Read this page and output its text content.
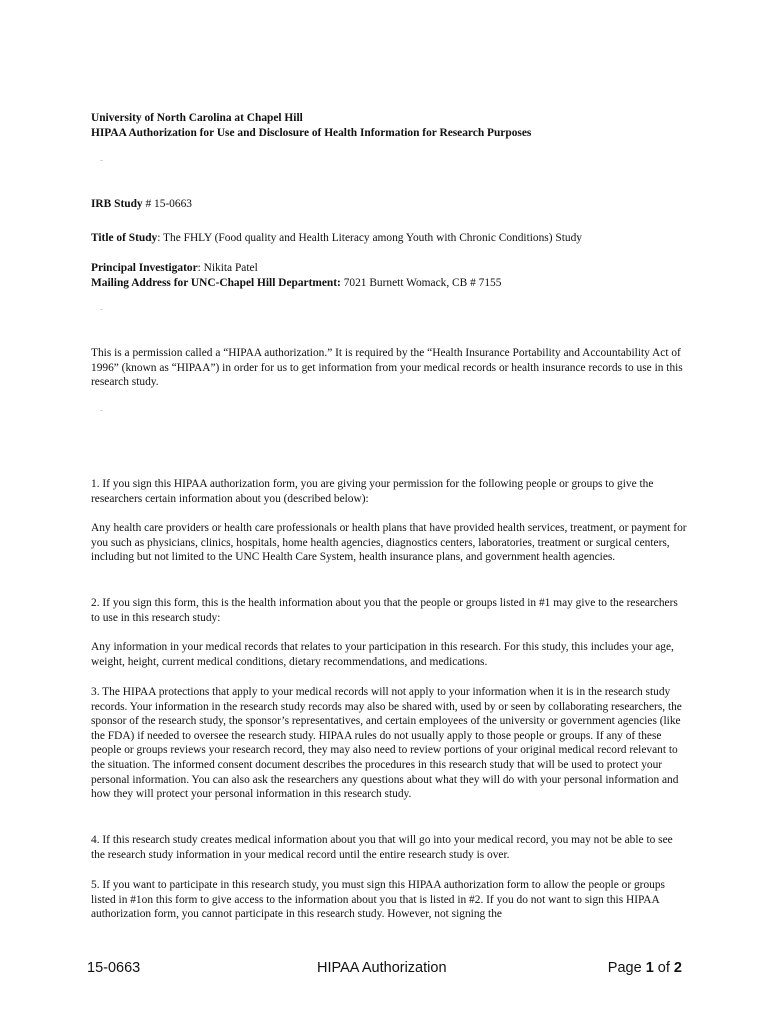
University of North Carolina at Chapel Hill
HIPAA Authorization for Use and Disclosure of Health Information for Research Purposes
IRB Study # 15-0663
Title of Study: The FHLY (Food quality and Health Literacy among Youth with Chronic Conditions) Study
Principal Investigator: Nikita Patel
Mailing Address for UNC-Chapel Hill Department: 7021 Burnett Womack, CB # 7155
This is a permission called a “HIPAA authorization.” It is required by the “Health Insurance Portability and Accountability Act of 1996” (known as “HIPAA”) in order for us to get information from your medical records or health insurance records to use in this research study.
1. If you sign this HIPAA authorization form, you are giving your permission for the following people or groups to give the researchers certain information about you (described below):
Any health care providers or health care professionals or health plans that have provided health services, treatment, or payment for you such as physicians, clinics, hospitals, home health agencies, diagnostics centers, laboratories, treatment or surgical centers, including but not limited to the UNC Health Care System, health insurance plans, and government health agencies.
2. If you sign this form, this is the health information about you that the people or groups listed in #1 may give to the researchers to use in this research study:
Any information in your medical records that relates to your participation in this research. For this study, this includes your age, weight, height, current medical conditions, dietary recommendations, and medications.
3. The HIPAA protections that apply to your medical records will not apply to your information when it is in the research study records. Your information in the research study records may also be shared with, used by or seen by collaborating researchers, the sponsor of the research study, the sponsor’s representatives, and certain employees of the university or government agencies (like the FDA) if needed to oversee the research study. HIPAA rules do not usually apply to those people or groups. If any of these people or groups reviews your research record, they may also need to review portions of your original medical record relevant to the situation. The informed consent document describes the procedures in this research study that will be used to protect your personal information. You can also ask the researchers any questions about what they will do with your personal information and how they will protect your personal information in this research study.
4. If this research study creates medical information about you that will go into your medical record, you may not be able to see the research study information in your medical record until the entire research study is over.
5. If you want to participate in this research study, you must sign this HIPAA authorization form to allow the people or groups listed in #1on this form to give access to the information about you that is listed in #2. If you do not want to sign this HIPAA authorization form, you cannot participate in this research study. However, not signing the
15-0663	HIPAA Authorization	Page 1 of 2
